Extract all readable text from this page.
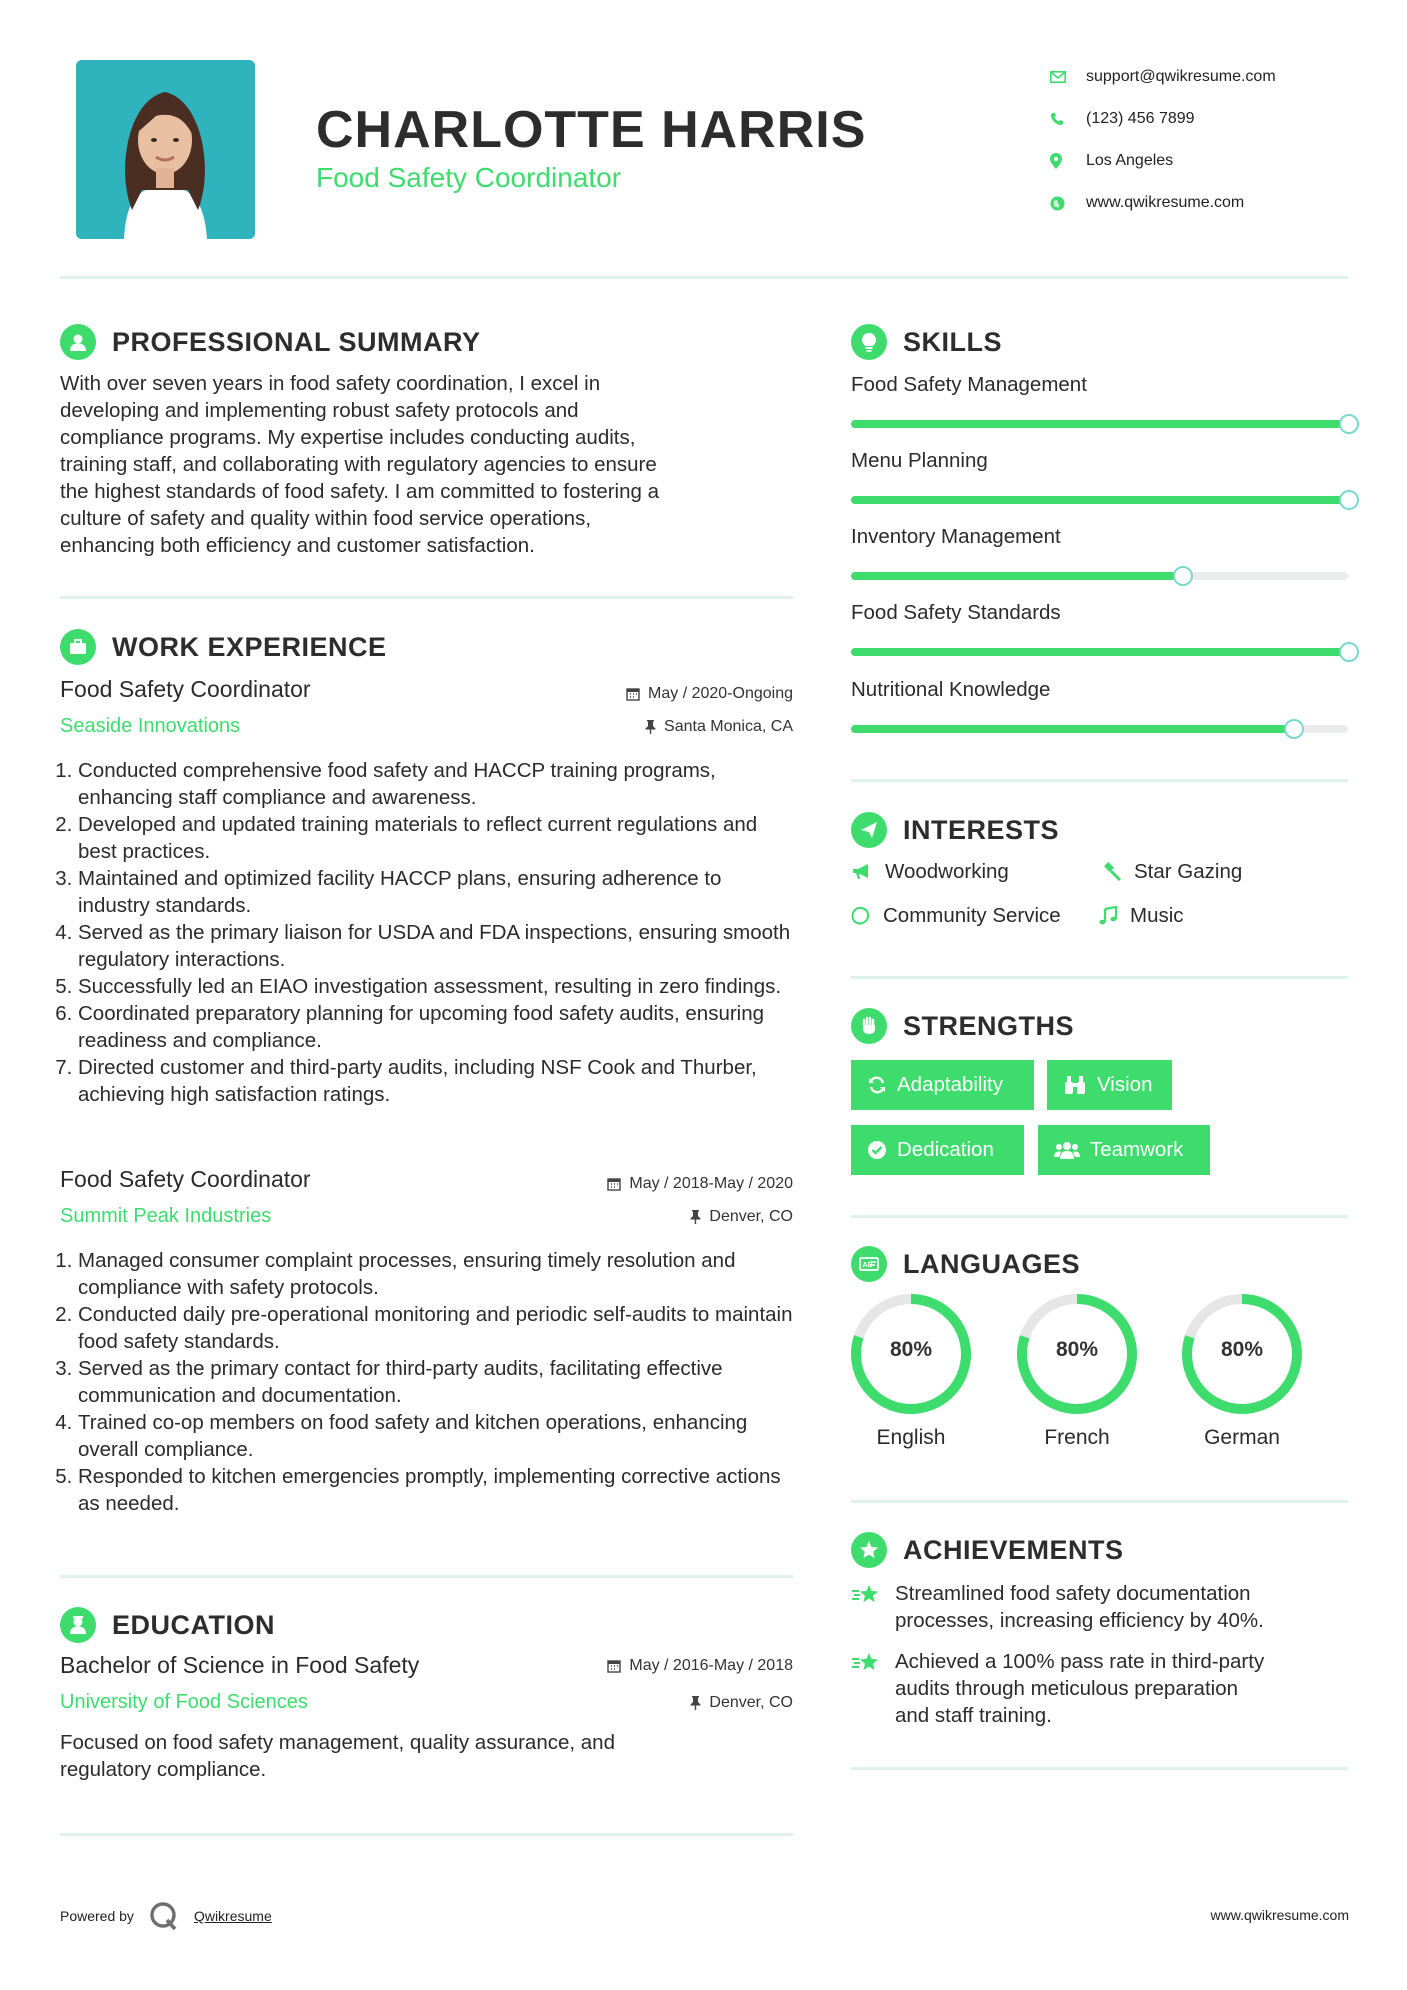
CHARLOTTE HARRIS
Food Safety Coordinator
support@qwikresume.com
(123) 456 7899
Los Angeles
www.qwikresume.com
PROFESSIONAL SUMMARY
With over seven years in food safety coordination, I excel in
developing and implementing robust safety protocols and
compliance programs. My expertise includes conducting audits,
training staff, and collaborating with regulatory agencies to ensure
the highest standards of food safety. I am committed to fostering a
culture of safety and quality within food service operations,
enhancing both efficiency and customer satisfaction.
WORK EXPERIENCE
Food Safety Coordinator	May / 2020-Ongoing
Seaside Innovations	Santa Monica, CA
1. Conducted comprehensive food safety and HACCP training programs, enhancing staff compliance and awareness.
2. Developed and updated training materials to reflect current regulations and best practices.
3. Maintained and optimized facility HACCP plans, ensuring adherence to industry standards.
4. Served as the primary liaison for USDA and FDA inspections, ensuring smooth regulatory interactions.
5. Successfully led an EIAO investigation assessment, resulting in zero findings.
6. Coordinated preparatory planning for upcoming food safety audits, ensuring readiness and compliance.
7. Directed customer and third-party audits, including NSF Cook and Thurber, achieving high satisfaction ratings.
Food Safety Coordinator	May / 2018-May / 2020
Summit Peak Industries	Denver, CO
1. Managed consumer complaint processes, ensuring timely resolution and compliance with safety protocols.
2. Conducted daily pre-operational monitoring and periodic self-audits to maintain food safety standards.
3. Served as the primary contact for third-party audits, facilitating effective communication and documentation.
4. Trained co-op members on food safety and kitchen operations, enhancing overall compliance.
5. Responded to kitchen emergencies promptly, implementing corrective actions as needed.
EDUCATION
Bachelor of Science in Food Safety	May / 2016-May / 2018
University of Food Sciences	Denver, CO
Focused on food safety management, quality assurance, and
regulatory compliance.
SKILLS
Food Safety Management
Menu Planning
Inventory Management
Food Safety Standards
Nutritional Knowledge
INTERESTS
Woodworking	Star Gazing
Community Service	Music
STRENGTHS
Adaptability	Vision
Dedication	Teamwork
AB LANGUAGES
80%
English
80%
French
80%
German
ACHIEVEMENTS
Streamlined food safety documentation
processes, increasing efficiency by 40%.
Achieved a 100% pass rate in third-party
audits through meticulous preparation
and staff training.
Powered by	Qwikresume	www.qwikresume.com
